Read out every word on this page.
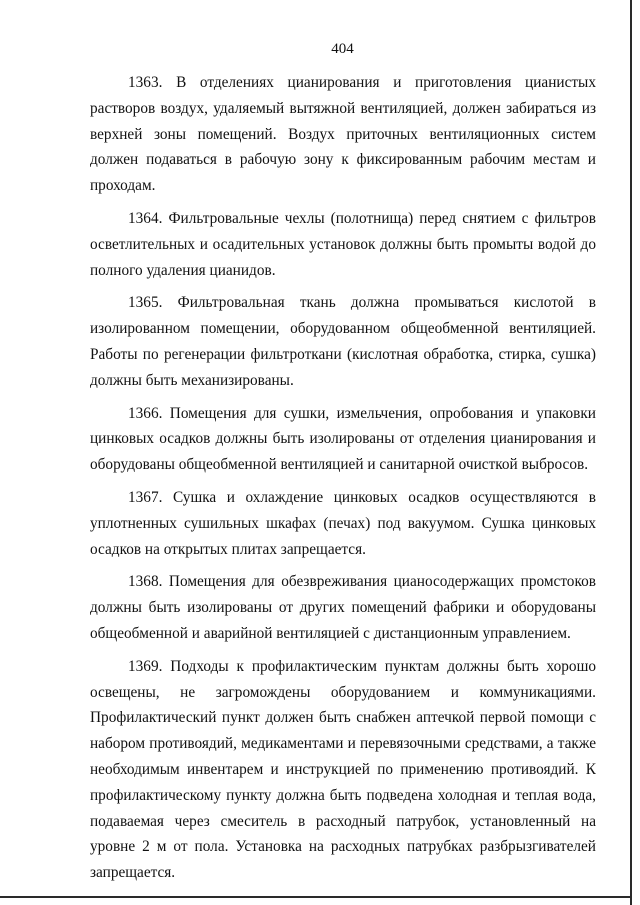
404

1363. В отделениях цианирования и приготовления цианистых растворов воздух, удаляемый вытяжной вентиляцией, должен забираться из верхней зоны помещений. Воздух приточных вентиляционных систем должен подаваться в рабочую зону к фиксированным рабочим местам и проходам.

1364. Фильтровальные чехлы (полотнища) перед снятием с фильтров осветлительных и осадительных установок должны быть промыты водой до полного удаления цианидов.

1365. Фильтровальная ткань должна промываться кислотой в изолированном помещении, оборудованном общеобменной вентиляцией. Работы по регенерации фильтроткани (кислотная обработка, стирка, сушка) должны быть механизированы.

1366. Помещения для сушки, измельчения, опробования и упаковки цинковых осадков должны быть изолированы от отделения цианирования и оборудованы общеобменной вентиляцией и санитарной очисткой выбросов.

1367. Сушка и охлаждение цинковых осадков осуществляются в уплотненных сушильных шкафах (печах) под вакуумом. Сушка цинковых осадков на открытых плитах запрещается.

1368. Помещения для обезвреживания цианосодержащих промстоков должны быть изолированы от других помещений фабрики и оборудованы общеобменной и аварийной вентиляцией с дистанционным управлением.

1369. Подходы к профилактическим пунктам должны быть хорошо освещены, не загромождены оборудованием и коммуникациями. Профилактический пункт должен быть снабжен аптечкой первой помощи с набором противоядий, медикаментами и перевязочными средствами, а также необходимым инвентарем и инструкцией по применению противоядий. К профилактическому пункту должна быть подведена холодная и теплая вода, подаваемая через смеситель в расходный патрубок, установленный на уровне 2 м от пола. Установка на расходных патрубках разбрызгивателей запрещается.
